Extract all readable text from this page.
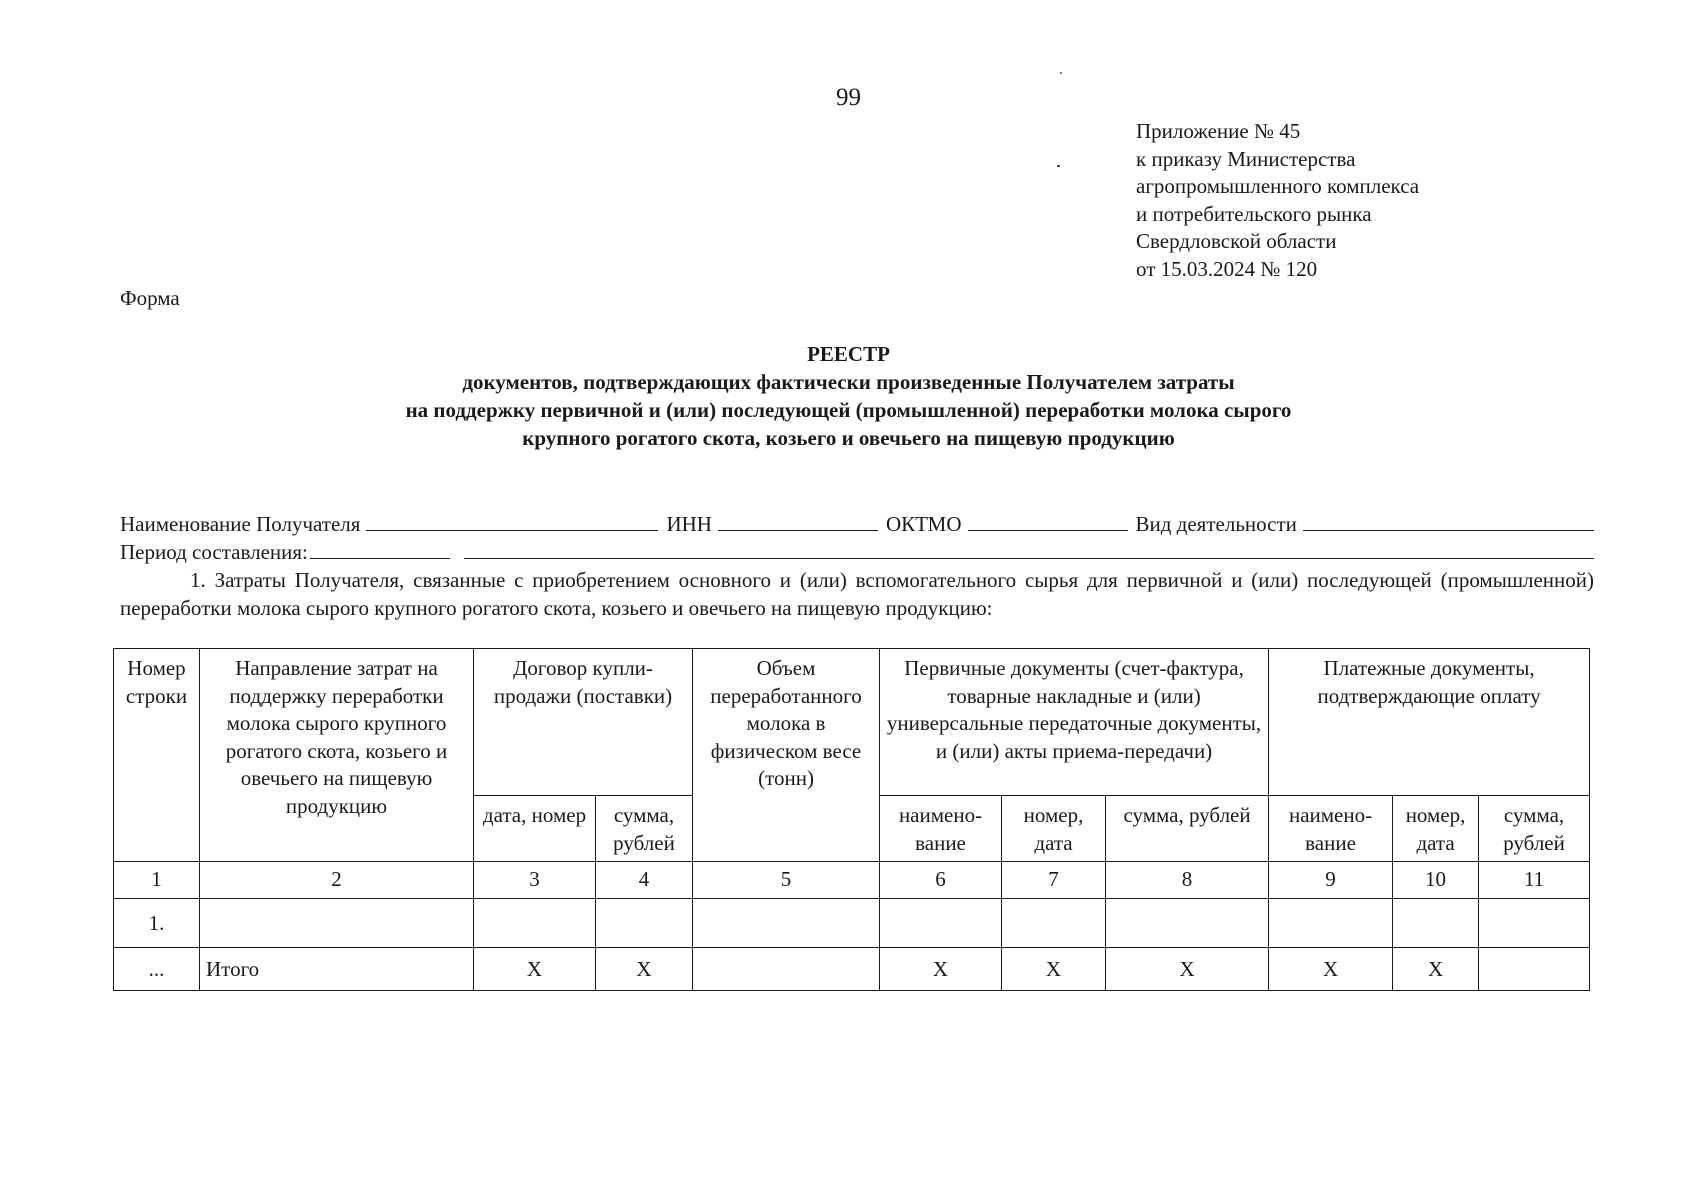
99
Приложение № 45
к приказу Министерства
агропромышленного комплекса
и потребительского рынка
Свердловской области
от 15.03.2024 № 120
Форма
РЕЕСТР
документов, подтверждающих фактически произведенные Получателем затраты
на поддержку первичной и (или) последующей (промышленной) переработки молока сырого
крупного рогатого скота, козьего и овечьего на пищевую продукцию
Наименование Получателя	ИНН	ОКТМО	Вид деятельности
Период составления:
1. Затраты Получателя, связанные с приобретением основного и (или) вспомогательного сырья для первичной и (или) последующей (промышленной) переработки молока сырого крупного рогатого скота, козьего и овечьего на пищевую продукцию:
Номер строки	Направление затрат на поддержку переработки молока сырого крупного рогатого скота, козьего и овечьего на пищевую продукцию	Договор купли-продажи (поставки)		Объем переработанного молока в физическом весе (тонн)	Первичные документы (счет-фактура, товарные накладные и (или) универсальные передаточные документы, и (или) акты приема-передачи)			Платежные документы, подтверждающие оплату		
		дата, номер	сумма, рублей		наимено-вание	номер, дата	сумма, рублей	наимено-вание	номер, дата	сумма, рублей
1	2	3	4	5	6	7	8	9	10	11
1.										
...	Итого	X	X		X	X	X	X	X	
